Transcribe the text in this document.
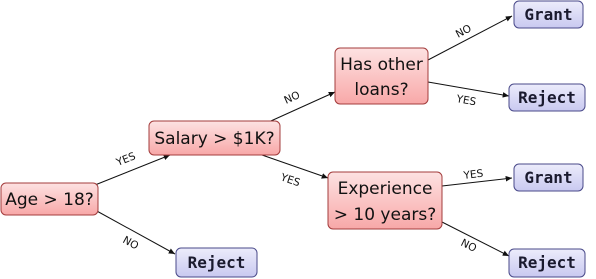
YES
NO
NO
YES
NO
YES
YES
NO
Age > 18?
Salary > $1K?
Has other
loans?
Experience
> 10 years?
Grant
Reject
Grant
Reject
Reject
